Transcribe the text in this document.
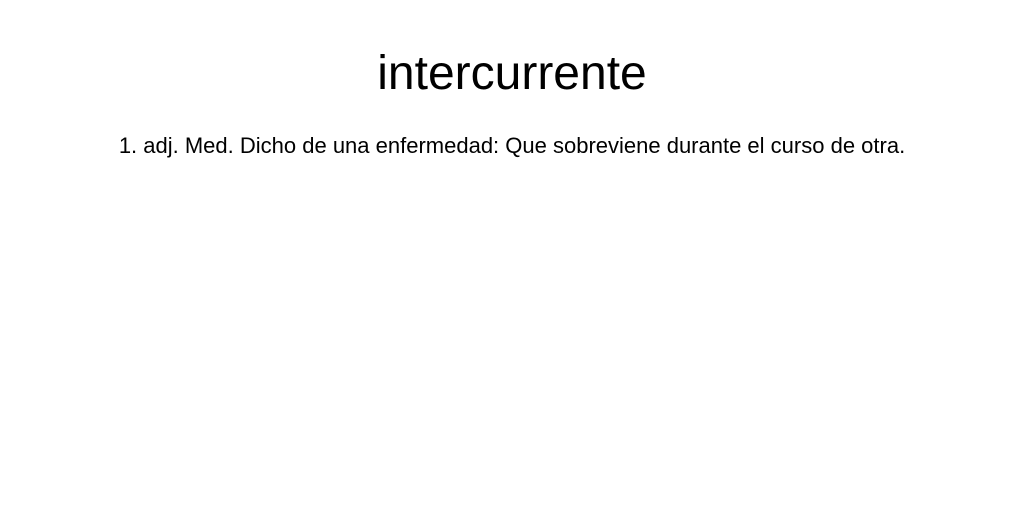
intercurrente

1. adj. Med. Dicho de una enfermedad: Que sobreviene durante el curso de otra.
